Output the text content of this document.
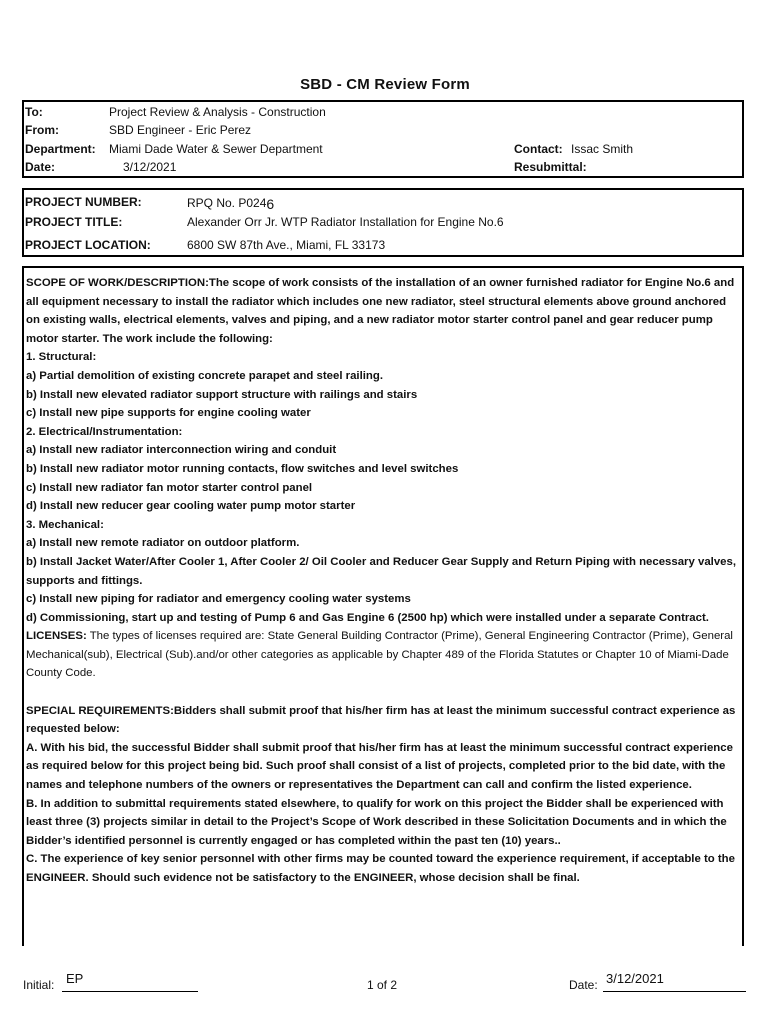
SBD - CM Review Form
To:	Project Review & Analysis - Construction
From:	SBD Engineer - Eric Perez
Department: Miami Dade Water & Sewer Department	Contact: Issac Smith
Date:	3/12/2021	Resubmittal:
PROJECT NUMBER:	RPQ No. P0246
PROJECT TITLE:	Alexander Orr Jr. WTP Radiator Installation for Engine No.6
PROJECT LOCATION:	6800 SW 87th Ave., Miami, FL 33173

SCOPE OF WORK/DESCRIPTION:The scope of work consists of the installation of an owner furnished radiator for Engine No.6 and all equipment necessary to install the radiator which includes one new radiator, steel structural elements above ground anchored on existing walls, electrical elements, valves and piping, and a new radiator motor starter control panel and gear reducer pump motor starter. The work include the following:

1. Structural:

a) Partial demolition of existing concrete parapet and steel railing.

b) Install new elevated radiator support structure with railings and stairs

c) Install new pipe supports for engine cooling water

2. Electrical/Instrumentation:

a) Install new radiator interconnection wiring and conduit

b) Install new radiator motor running contacts, flow switches and level switches

c) Install new radiator fan motor starter control panel

d) Install new reducer gear cooling water pump motor starter

3. Mechanical:

a) Install new remote radiator on outdoor platform.

b) Install Jacket Water/After Cooler 1, After Cooler 2/ Oil Cooler and Reducer Gear Supply and Return Piping with necessary valves, supports and fittings.

c) Install new piping for radiator and emergency cooling water systems

d) Commissioning, start up and testing of Pump 6 and Gas Engine 6 (2500 hp) which were installed under a separate Contract.

LICENSES: The types of licenses required are: State General Building Contractor (Prime), General Engineering Contractor (Prime), General Mechanical(sub), Electrical (Sub).and/or other categories as applicable by Chapter 489 of the Florida Statutes or Chapter 10 of Miami-Dade County Code.

SPECIAL REQUIREMENTS:Bidders shall submit proof that his/her firm has at least the minimum successful contract experience as requested below:

A. With his bid, the successful Bidder shall submit proof that his/her firm has at least the minimum successful contract experience as required below for this project being bid. Such proof shall consist of a list of projects, completed prior to the bid date, with the names and telephone numbers of the owners or representatives the Department can call and confirm the listed experience.

B. In addition to submittal requirements stated elsewhere, to qualify for work on this project the Bidder shall be experienced with least three (3) projects similar in detail to the Project’s Scope of Work described in these Solicitation Documents and in which the Bidder’s identified personnel is currently engaged or has completed within the past ten (10) years..

C. The experience of key senior personnel with other firms may be counted toward the experience requirement, if acceptable to the ENGINEER. Should such evidence not be satisfactory to the ENGINEER, whose decision shall be final.

Initial: EP	1 of 2	Date: 3/12/2021
